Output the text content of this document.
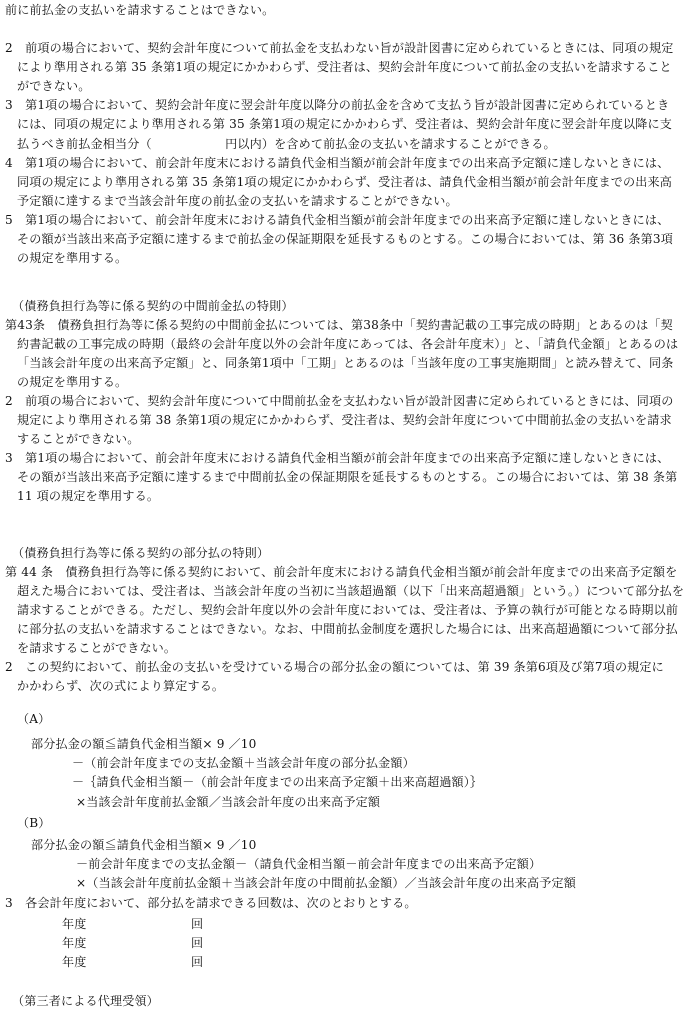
前に前払金の支払いを請求することはできない。
2　前項の場合において、契約会計年度について前払金を支払わない旨が設計図書に定められているときには、同項の規定
により準用される第 35 条第1項の規定にかかわらず、受注者は、契約会計年度について前払金の支払いを請求すること
ができない。
3　第1項の場合において、契約会計年度に翌会計年度以降分の前払金を含めて支払う旨が設計図書に定められているとき
には、同項の規定により準用される第 35 条第1項の規定にかかわらず、受注者は、契約会計年度に翌会計年度以降に支
払うべき前払金相当分（　　　　　　円以内）を含めて前払金の支払いを請求することができる。
4　第1項の場合において、前会計年度末における請負代金相当額が前会計年度までの出来高予定額に達しないときには、
同項の規定により準用される第 35 条第1項の規定にかかわらず、受注者は、請負代金相当額が前会計年度までの出来高
予定額に達するまで当該会計年度の前払金の支払いを請求することができない。
5　第1項の場合において、前会計年度末における請負代金相当額が前会計年度までの出来高予定額に達しないときには、
その額が当該出来高予定額に達するまで前払金の保証期限を延長するものとする。この場合においては、第 36 条第3項
の規定を準用する。
（債務負担行為等に係る契約の中間前金払の特則）
第43条　債務負担行為等に係る契約の中間前金払については、第38条中「契約書記載の工事完成の時期」とあるのは「契
約書記載の工事完成の時期（最終の会計年度以外の会計年度にあっては、各会計年度末）」と、「請負代金額」とあるのは
「当該会計年度の出来高予定額」と、同条第1項中「工期」とあるのは「当該年度の工事実施期間」と読み替えて、同条
の規定を準用する。
2　前項の場合において、契約会計年度について中間前払金を支払わない旨が設計図書に定められているときには、同項の
規定により準用される第 38 条第1項の規定にかかわらず、受注者は、契約会計年度について中間前払金の支払いを請求
することができない。
3　第1項の場合において、前会計年度末における請負代金相当額が前会計年度までの出来高予定額に達しないときには、
その額が当該出来高予定額に達するまで中間前払金の保証期限を延長するものとする。この場合においては、第 38 条第
11 項の規定を準用する。
（債務負担行為等に係る契約の部分払の特則）
第 44 条　債務負担行為等に係る契約において、前会計年度末における請負代金相当額が前会計年度までの出来高予定額を
超えた場合においては、受注者は、当該会計年度の当初に当該超過額（以下「出来高超過額」という。）について部分払を
請求することができる。ただし、契約会計年度以外の会計年度においては、受注者は、予算の執行が可能となる時期以前
に部分払の支払いを請求することはできない。なお、中間前払金制度を選択した場合には、出来高超過額について部分払
を請求することができない。
2　この契約において、前払金の支払いを受けている場合の部分払金の額については、第 39 条第6項及び第7項の規定に
かかわらず、次の式により算定する。
（A）
部分払金の額≦請負代金相当額× 9 ／10
－（前会計年度までの支払金額＋当該会計年度の部分払金額）
－｛請負代金相当額－（前会計年度までの出来高予定額＋出来高超過額）｝
×当該会計年度前払金額／当該会計年度の出来高予定額
（B）
部分払金の額≦請負代金相当額× 9 ／10
－前会計年度までの支払金額－（請負代金相当額－前会計年度までの出来高予定額）
×（当該会計年度前払金額＋当該会計年度の中間前払金額）／当該会計年度の出来高予定額
3　各会計年度において、部分払を請求できる回数は、次のとおりとする。
年度	回
年度	回
年度	回
（第三者による代理受領）
